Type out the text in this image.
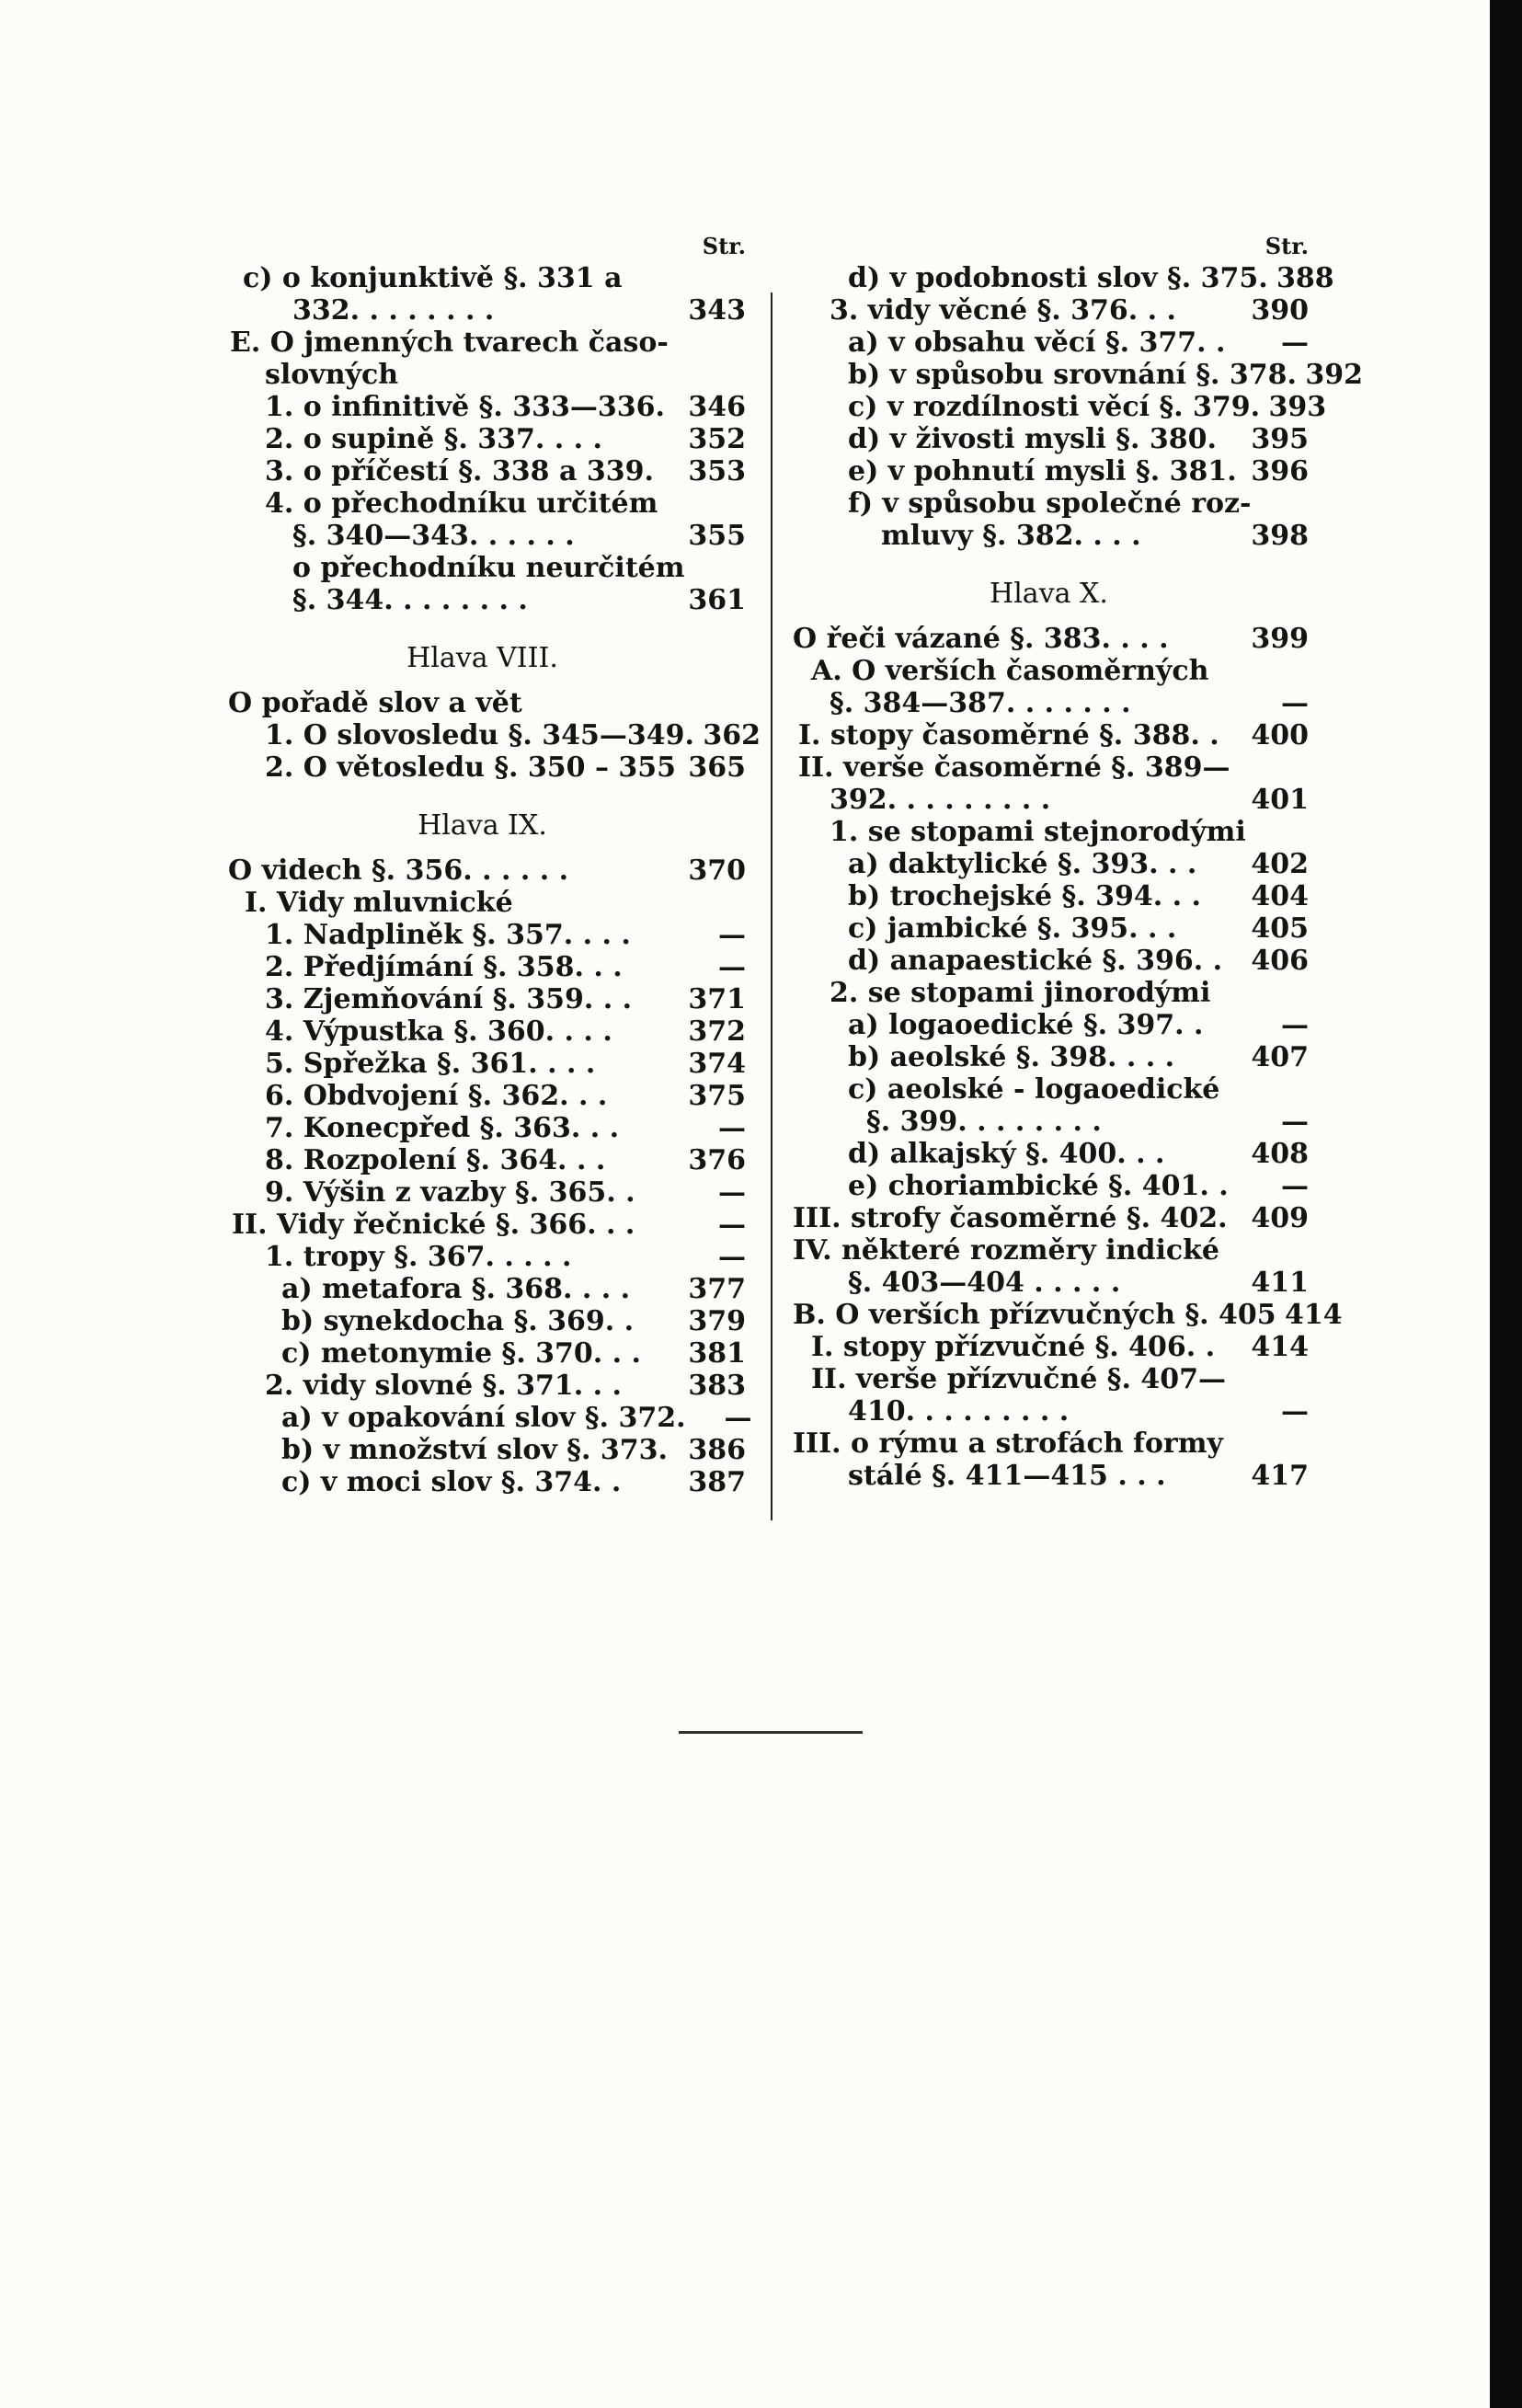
Str.
c) o konjunktivě §. 331 a
332. . . . . . . .	343
E. O jmenných tvarech časo-
slovných
1. o infinitivě §. 333—336. 346
2. o supině §. 337. . . .	352
3. o příčestí §. 338 a 339.	353
4. o přechodníku určitém
§. 340—343. . . . . .	355
o přechodníku neurčitém
§. 344. . . . . . . .	361
Hlava VIII.
O pořadě slov a vět
1. O slovosledu §. 345—349. 362
2. O větosledu §. 350 – 355 365
Hlava IX.
O videch §. 356. . . . . .	370
I. Vidy mluvnické
1. Nadpliněk §. 357. . . .	—
2. Předjímání §. 358. . .	—
3. Zjemňování §. 359. . .	371
4. Výpustka §. 360. . . .	372
5. Spřežka §. 361. . . .	374
6. Obdvojení §. 362. . .	375
7. Konecpřed §. 363. . .	—
8. Rozpolení §. 364. . .	376
9. Výšin z vazby §. 365. .	—
II. Vidy řečnické §. 366. . .	—
1. tropy §. 367. . . . .	—
a) metafora §. 368. . . .	377
b) synekdocha §. 369. .	379
c) metonymie §. 370. . .	381
2. vidy slovné §. 371. . .	383
a) v opakování slov §. 372.	—
b) v množství slov §. 373. 386
c) v moci slov §. 374. .	387
Str.
d) v podobnosti slov §. 375. 388
3. vidy věcné §. 376. . .	390
a) v obsahu věcí §. 377. .	—
b) v spůsobu srovnání §. 378. 392
c) v rozdílnosti věcí §. 379. 393
d) v živosti mysli §. 380.	395
e) v pohnutí mysli §. 381. 396
f) v spůsobu společné roz-
mluvy §. 382. . . .	398
Hlava X.
O řeči vázané §. 383. . . .	399
A. O verších časoměrných
§. 384—387. . . . . . .	—
I. stopy časoměrné §. 388. .	400
II. verše časoměrné §. 389—
392. . . . . . . . .	401
1. se stopami stejnorodými
a) daktylické §. 393. . .	402
b) trochejské §. 394. . .	404
c) jambické §. 395. . .	405
d) anapaestické §. 396. .	406
2. se stopami jinorodými
a) logaoedické §. 397. .	—
b) aeolské §. 398. . . .	407
c) aeolské - logaoedické
§. 399. . . . . . . .	—
d) alkajský §. 400. . .	408
e) choriambické §. 401. .	—
III. strofy časoměrné §. 402. 409
IV. některé rozměry indické
§. 403—404 . . . . .	411
B. O verších přízvučných §. 405 414
I. stopy přízvučné §. 406. .	414
II. verše přízvučné §. 407—
410. . . . . . . . .	—
III. o rýmu a strofách formy
stálé §. 411—415 . . .	417
